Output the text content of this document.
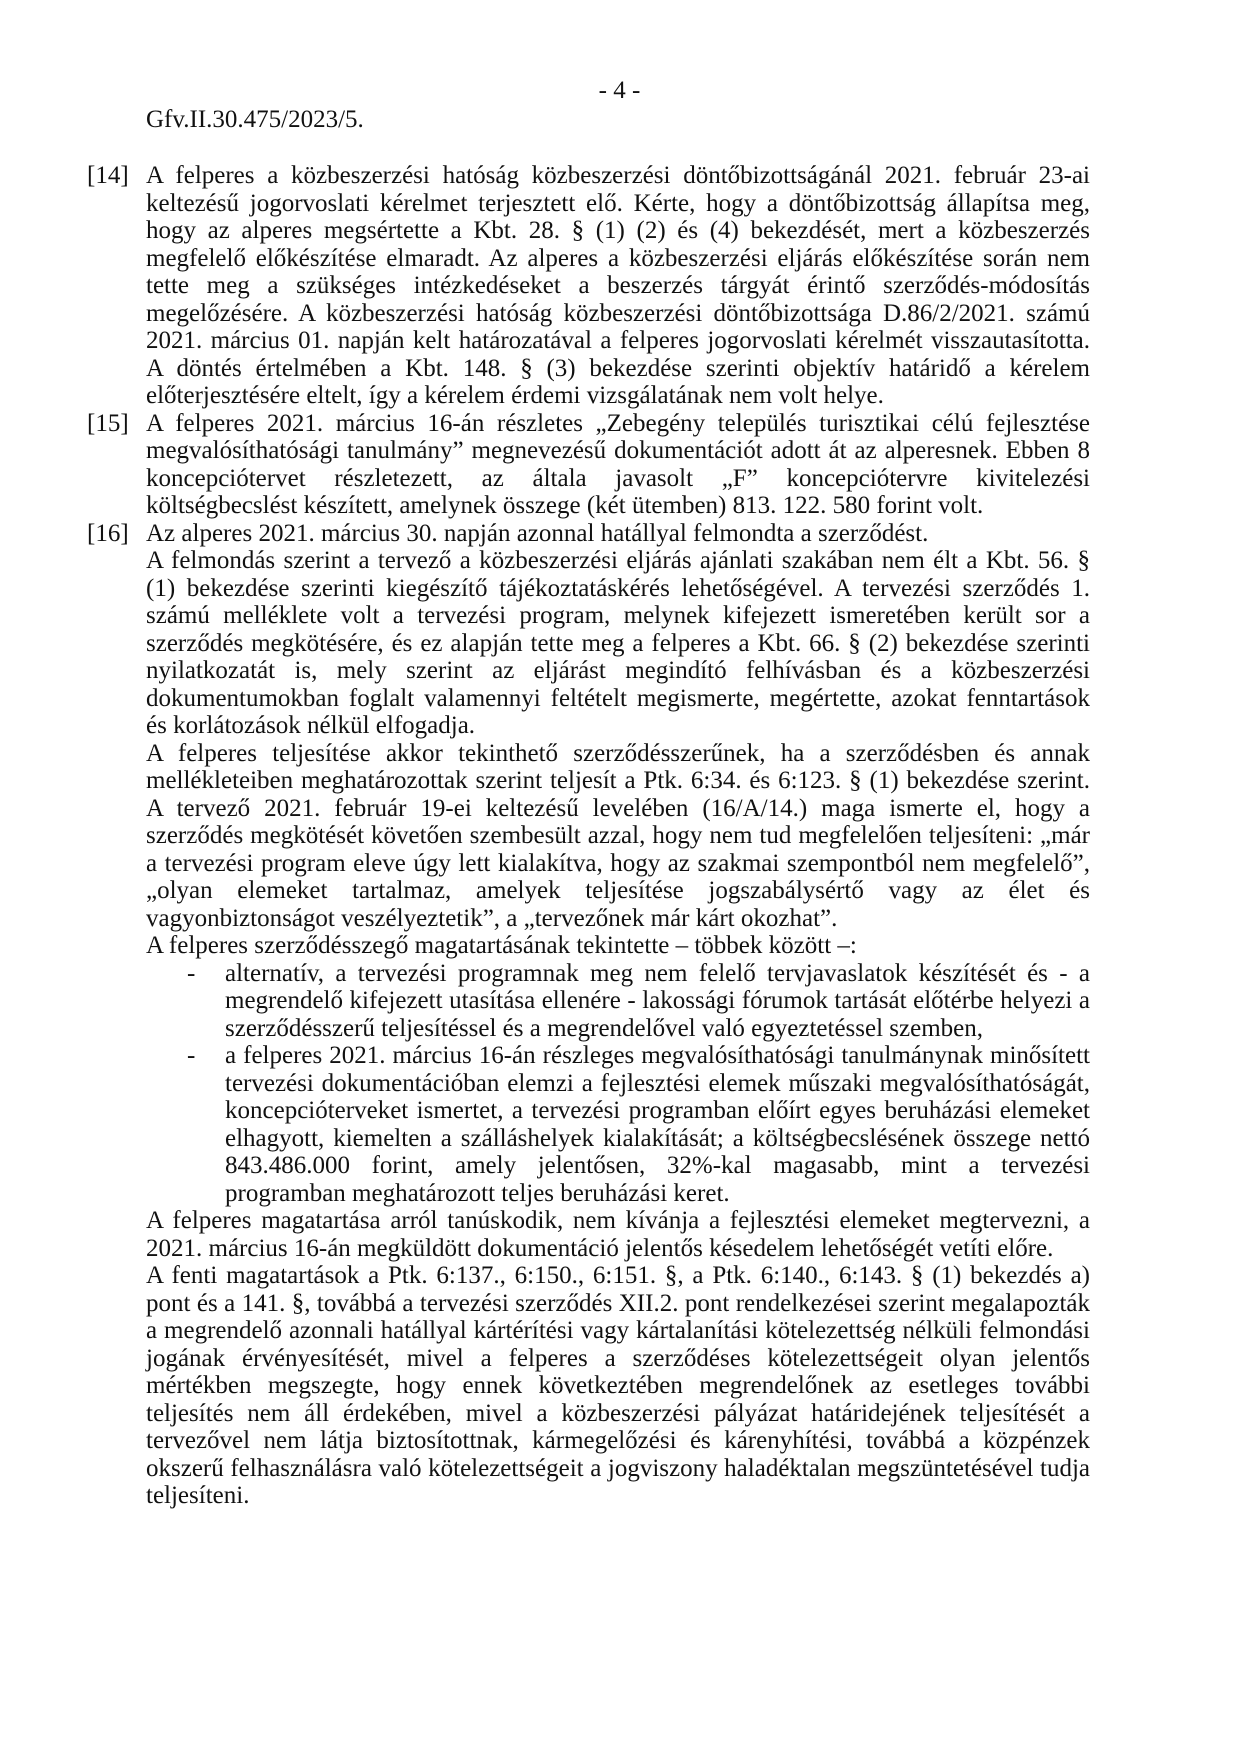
- 4 -
Gfv.II.30.475/2023/5.

[14] A felperes a közbeszerzési hatóság közbeszerzési döntőbizottságánál 2021. február 23-ai keltezésű jogorvoslati kérelmet terjesztett elő. Kérte, hogy a döntőbizottság állapítsa meg, hogy az alperes megsértette a Kbt. 28. § (1) (2) és (4) bekezdését, mert a közbeszerzés megfelelő előkészítése elmaradt. Az alperes a közbeszerzési eljárás előkészítése során nem tette meg a szükséges intézkedéseket a beszerzés tárgyát érintő szerződés-módosítás megelőzésére. A közbeszerzési hatóság közbeszerzési döntőbizottsága D.86/2/2021. számú 2021. március 01. napján kelt határozatával a felperes jogorvoslati kérelmét visszautasította. A döntés értelmében a Kbt. 148. § (3) bekezdése szerinti objektív határidő a kérelem előterjesztésére eltelt, így a kérelem érdemi vizsgálatának nem volt helye.

[15] A felperes 2021. március 16-án részletes „Zebegény település turisztikai célú fejlesztése megvalósíthatósági tanulmány” megnevezésű dokumentációt adott át az alperesnek. Ebben 8 koncepciótervet részletezett, az általa javasolt „F” koncepciótervre kivitelezési költségbecslést készített, amelynek összege (két ütemben) 813. 122. 580 forint volt.

[16] Az alperes 2021. március 30. napján azonnal hatállyal felmondta a szerződést.

A felmondás szerint a tervező a közbeszerzési eljárás ajánlati szakában nem élt a Kbt. 56. § (1) bekezdése szerinti kiegészítő tájékoztatáskérés lehetőségével. A tervezési szerződés 1. számú melléklete volt a tervezési program, melynek kifejezett ismeretében került sor a szerződés megkötésére, és ez alapján tette meg a felperes a Kbt. 66. § (2) bekezdése szerinti nyilatkozatát is, mely szerint az eljárást megindító felhívásban és a közbeszerzési dokumentumokban foglalt valamennyi feltételt megismerte, megértette, azokat fenntartások és korlátozások nélkül elfogadja.

A felperes teljesítése akkor tekinthető szerződésszerűnek, ha a szerződésben és annak mellékleteiben meghatározottak szerint teljesít a Ptk. 6:34. és 6:123. § (1) bekezdése szerint. A tervező 2021. február 19-ei keltezésű levelében (16/A/14.) maga ismerte el, hogy a szerződés megkötését követően szembesült azzal, hogy nem tud megfelelően teljesíteni: „már a tervezési program eleve úgy lett kialakítva, hogy az szakmai szempontból nem megfelelő”, „olyan elemeket tartalmaz, amelyek teljesítése jogszabálysértő vagy az élet és vagyonbiztonságot veszélyeztetik”, a „tervezőnek már kárt okozhat”.

A felperes szerződésszegő magatartásának tekintette – többek között –:

- alternatív, a tervezési programnak meg nem felelő tervjavaslatok készítését és - a megrendelő kifejezett utasítása ellenére - lakossági fórumok tartását előtérbe helyezi a szerződésszerű teljesítéssel és a megrendelővel való egyeztetéssel szemben,

- a felperes 2021. március 16-án részleges megvalósíthatósági tanulmánynak minősített tervezési dokumentációban elemzi a fejlesztési elemek műszaki megvalósíthatóságát, koncepcióterveket ismertet, a tervezési programban előírt egyes beruházási elemeket elhagyott, kiemelten a szálláshelyek kialakítását; a költségbecslésének összege nettó 843.486.000 forint, amely jelentősen, 32%-kal magasabb, mint a tervezési programban meghatározott teljes beruházási keret.

A felperes magatartása arról tanúskodik, nem kívánja a fejlesztési elemeket megtervezni, a 2021. március 16-án megküldött dokumentáció jelentős késedelem lehetőségét vetíti előre.

A fenti magatartások a Ptk. 6:137., 6:150., 6:151. §, a Ptk. 6:140., 6:143. § (1) bekezdés a) pont és a 141. §, továbbá a tervezési szerződés XII.2. pont rendelkezései szerint megalapozták a megrendelő azonnali hatállyal kártérítési vagy kártalanítási kötelezettség nélküli felmondási jogának érvényesítését, mivel a felperes a szerződéses kötelezettségeit olyan jelentős mértékben megszegte, hogy ennek következtében megrendelőnek az esetleges további teljesítés nem áll érdekében, mivel a közbeszerzési pályázat határidejének teljesítését a tervezővel nem látja biztosítottnak, kármegelőzési és kárenyhítési, továbbá a közpénzek okszerű felhasználásra való kötelezettségeit a jogviszony haladéktalan megszüntetésével tudja teljesíteni.
